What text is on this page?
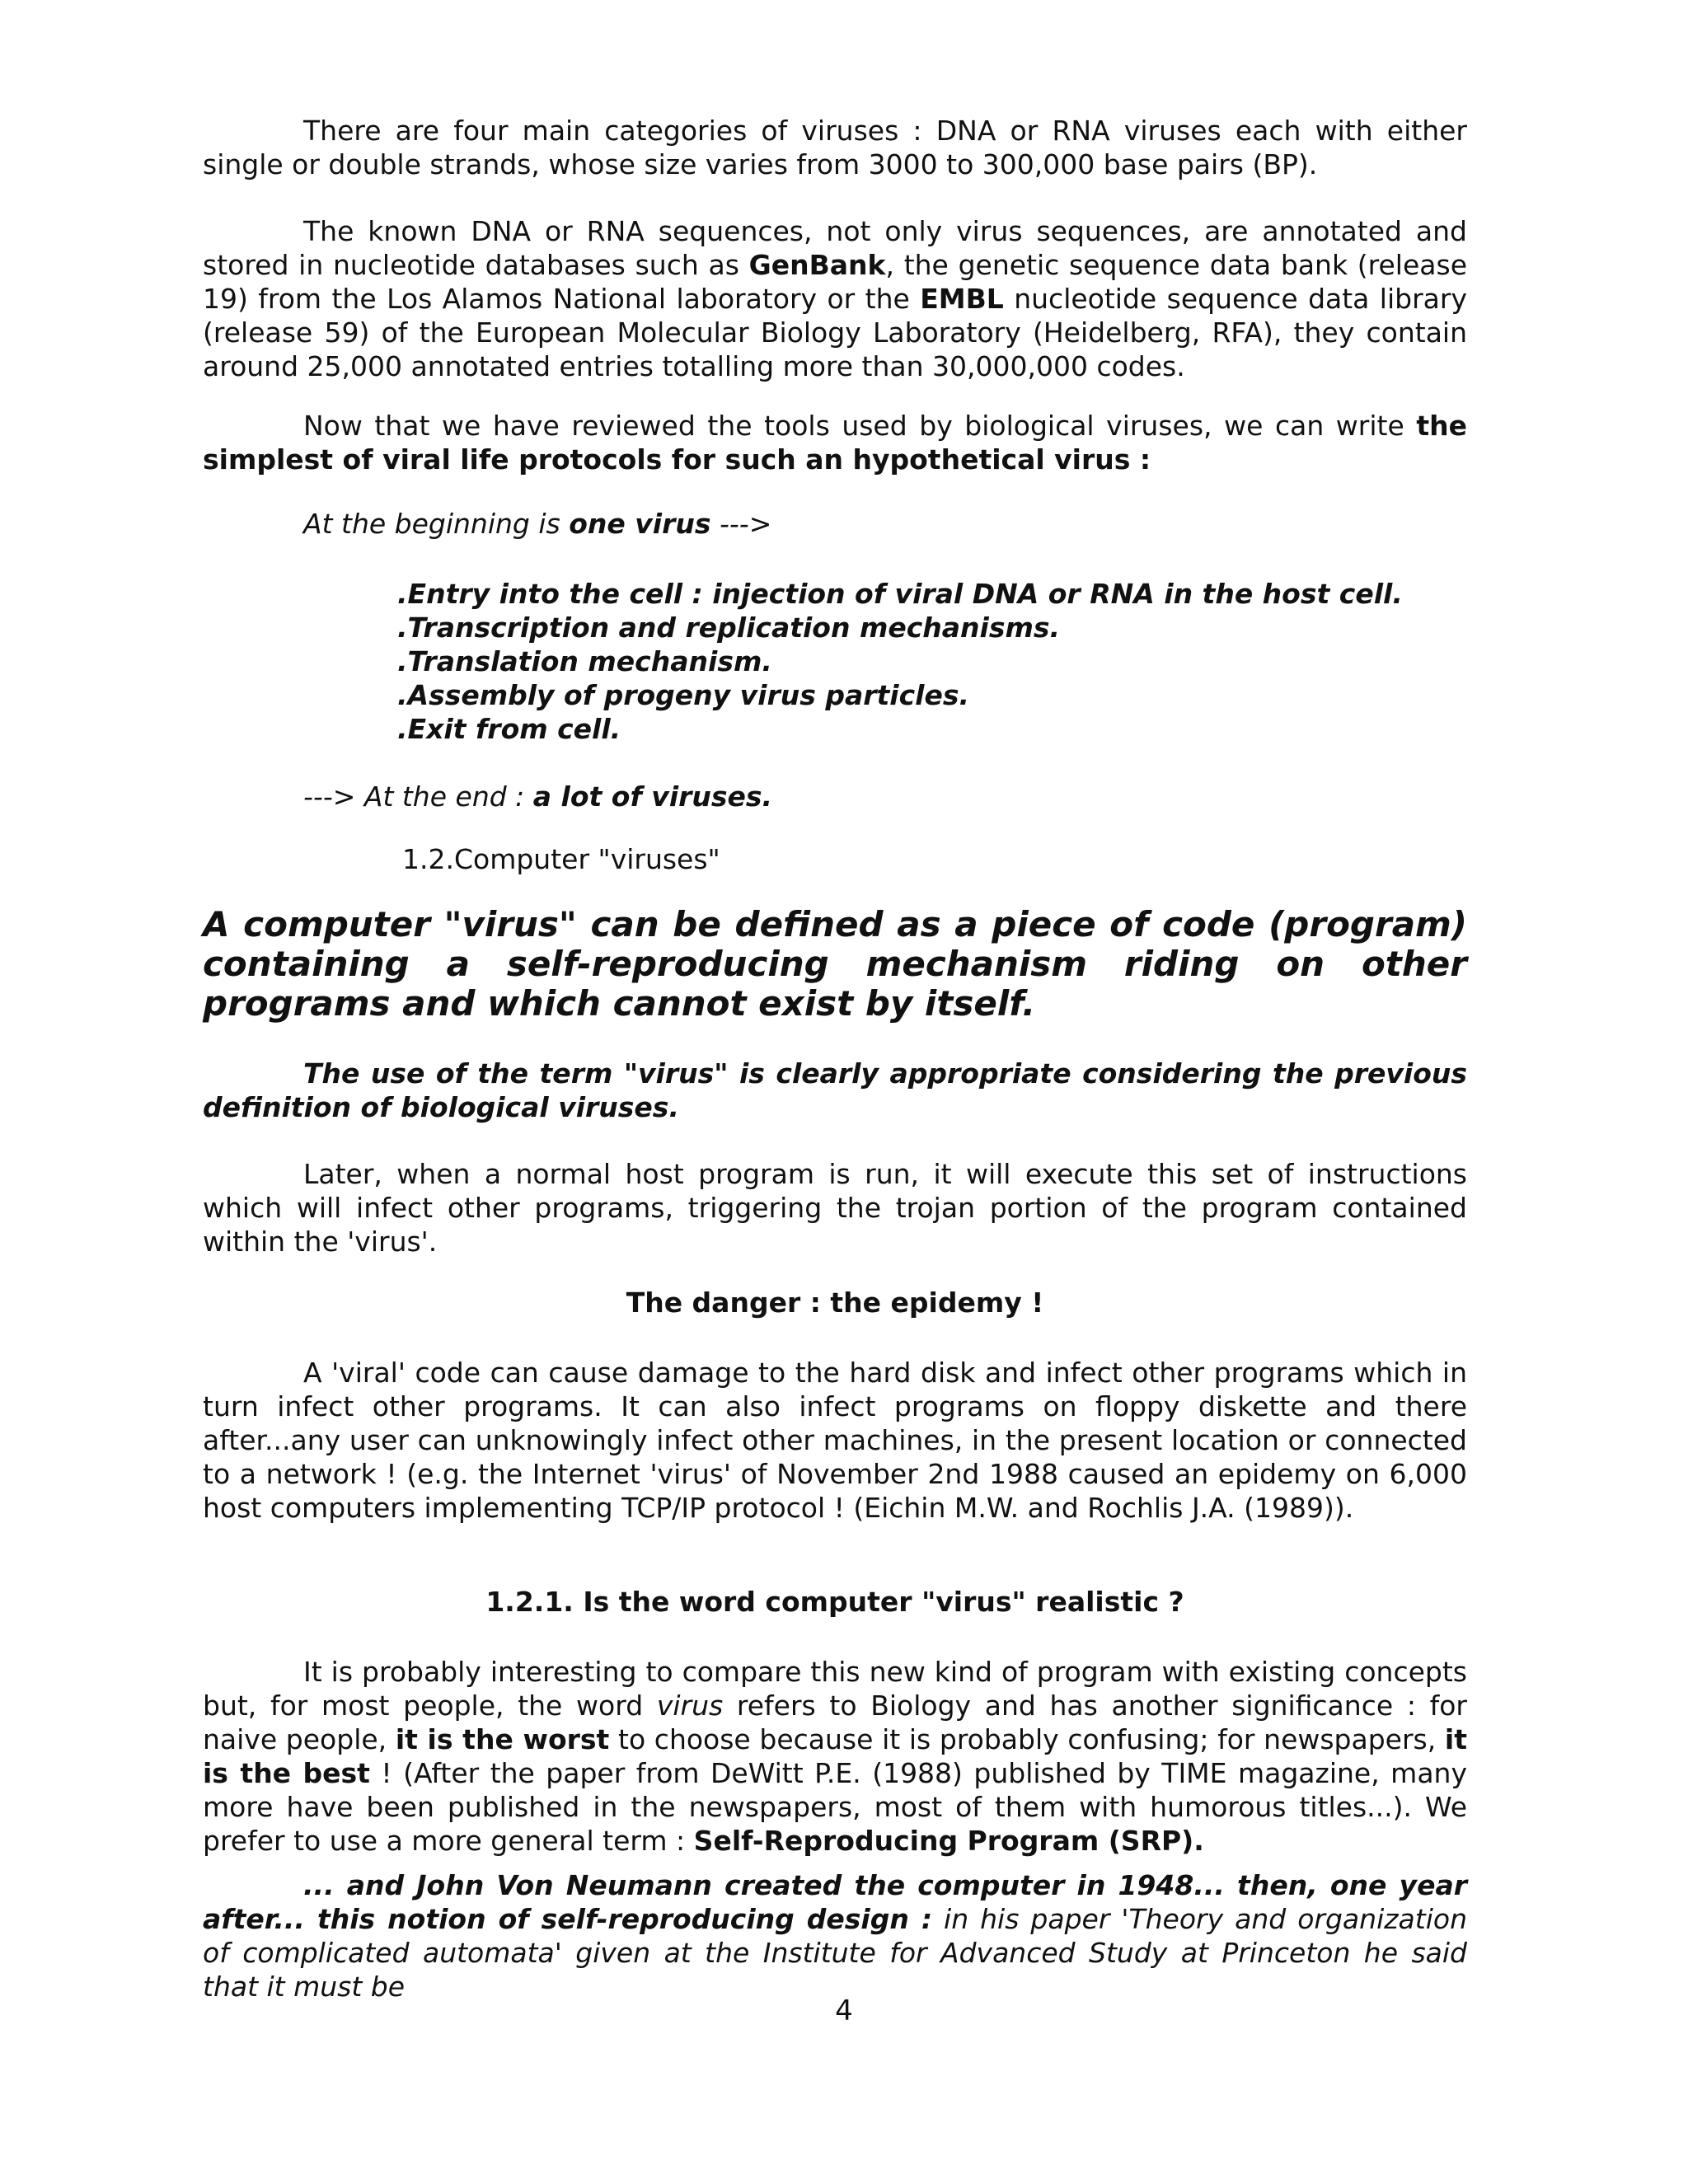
There are four main categories of viruses : DNA or RNA viruses each with either single or double strands, whose size varies from 3000 to 300,000 base pairs (BP).

The known DNA or RNA sequences, not only virus sequences, are annotated and stored in nucleotide databases such as GenBank, the genetic sequence data bank (release 19) from the Los Alamos National laboratory or the EMBL nucleotide sequence data library (release 59) of the European Molecular Biology Laboratory (Heidelberg, RFA), they contain around 25,000 annotated entries totalling more than 30,000,000 codes.

Now that we have reviewed the tools used by biological viruses, we can write the simplest of viral life protocols for such an hypothetical virus :

At the beginning is one virus --->

.Entry into the cell : injection of viral DNA or RNA in the host cell.

.Transcription and replication mechanisms.

.Translation mechanism.

.Assembly of progeny virus particles.

.Exit from cell.

---> At the end : a lot of viruses.

1.2.Computer "viruses"

A computer "virus" can be defined as a piece of code (program) containing a self-reproducing mechanism riding on other programs and which cannot exist by itself.

The use of the term "virus" is clearly appropriate considering the previous definition of biological viruses.

Later, when a normal host program is run, it will execute this set of instructions which will infect other programs, triggering the trojan portion of the program contained within the 'virus'.

The danger : the epidemy !

A 'viral' code can cause damage to the hard disk and infect other programs which in turn infect other programs. It can also infect programs on floppy diskette and there after...any user can unknowingly infect other machines, in the present location or connected to a network ! (e.g. the Internet 'virus' of November 2nd 1988 caused an epidemy on 6,000 host computers implementing TCP/IP protocol ! (Eichin M.W. and Rochlis J.A. (1989)).

1.2.1. Is the word computer "virus" realistic ?

It is probably interesting to compare this new kind of program with existing concepts but, for most people, the word virus refers to Biology and has another significance : for naive people, it is the worst to choose because it is probably confusing; for newspapers, it is the best ! (After the paper from DeWitt P.E. (1988) published by TIME magazine, many more have been published in the newspapers, most of them with humorous titles...). We prefer to use a more general term : Self-Reproducing Program (SRP).

... and John Von Neumann created the computer in 1948... then, one year after... this notion of self-reproducing design : in his paper 'Theory and organization of complicated automata' given at the Institute for Advanced Study at Princeton he said that it must be

4
